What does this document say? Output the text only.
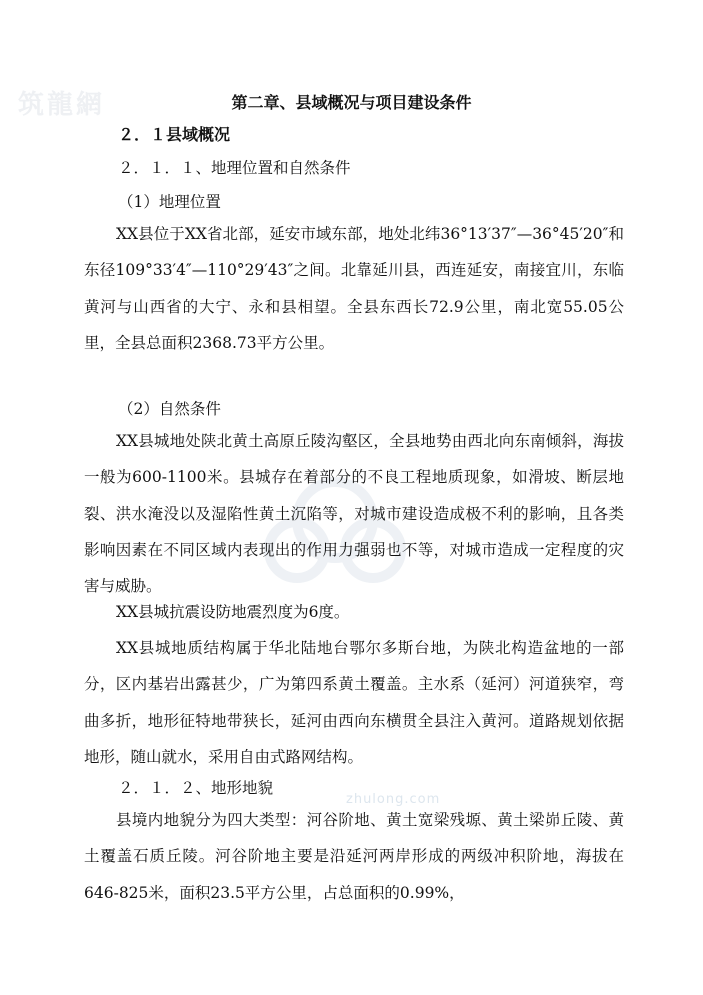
筑龍網
zhulong.com
第二章、县域概况与项目建设条件
２．１县域概况
２．１．１、地理位置和自然条件
（1）地理位置

XX县位于XX省北部，延安市域东部，地处北纬36°13′37″—36°45′20″和东径109°33′4″—110°29′43″之间。北靠延川县，西连延安，南接宜川，东临黄河与山西省的大宁、永和县相望。全县东西长72.9公里，南北宽55.05公里，全县总面积2368.73平方公里。

（2）自然条件

XX县城地处陕北黄土高原丘陵沟壑区，全县地势由西北向东南倾斜，海拔一般为600-1100米。县城存在着部分的不良工程地质现象，如滑坡、断层地裂、洪水淹没以及湿陷性黄土沉陷等，对城市建设造成极不利的影响，且各类影响因素在不同区域内表现出的作用力强弱也不等，对城市造成一定程度的灾害与威胁。

XX县城抗震设防地震烈度为6度。

XX县城地质结构属于华北陆地台鄂尔多斯台地，为陕北构造盆地的一部分，区内基岩出露甚少，广为第四系黄土覆盖。主水系（延河）河道狭窄，弯曲多折，地形征特地带狭长，延河由西向东横贯全县注入黄河。道路规划依据地形，随山就水，采用自由式路网结构。

２．１．２、地形地貌

县境内地貌分为四大类型：河谷阶地、黄土宽梁残塬、黄土梁峁丘陵、黄土覆盖石质丘陵。河谷阶地主要是沿延河两岸形成的两级冲积阶地，海拔在646-825米，面积23.5平方公里，占总面积的0.99%，
